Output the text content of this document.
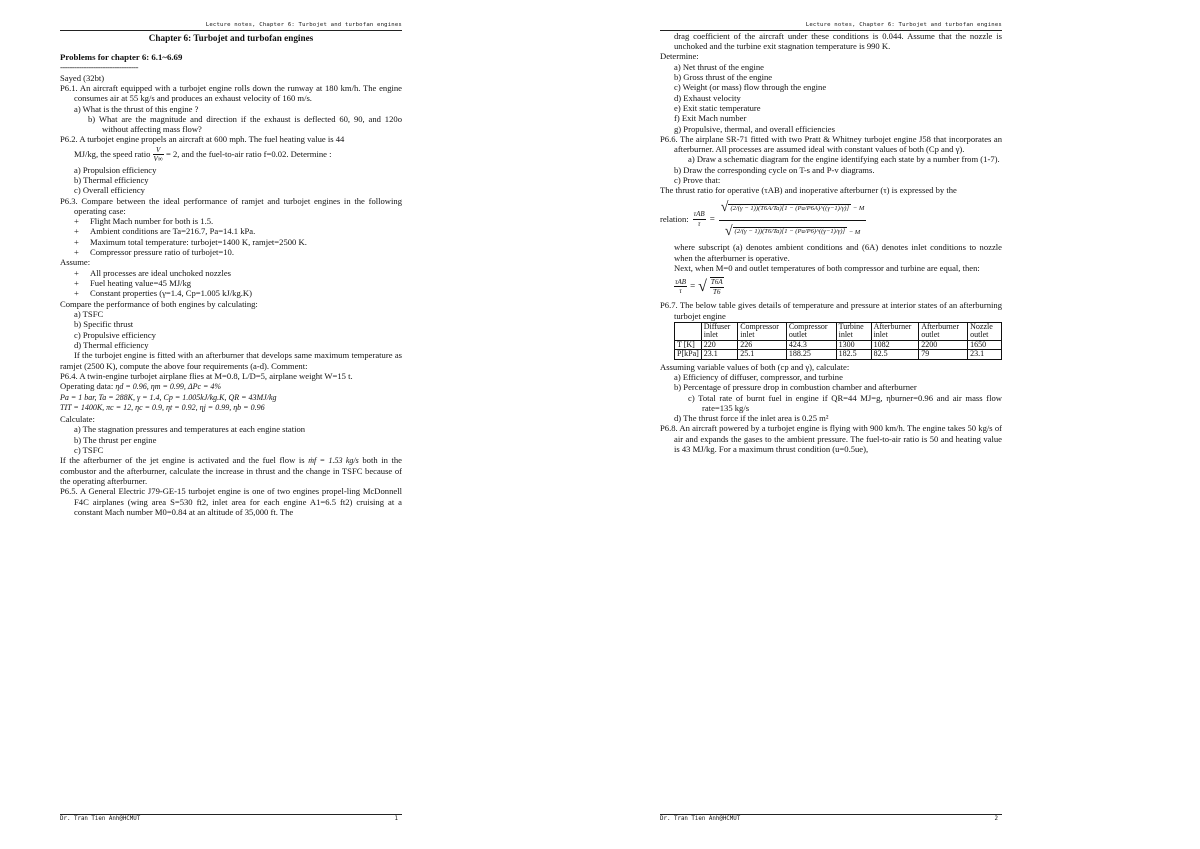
Lecture notes, Chapter 6: Turbojet and turbofan engines
Chapter 6: Turbojet and turbofan engines

Problems for chapter 6: 6.1~6.69

---------------------------------

Sayed (32bt)

P6.1. An aircraft equipped with a turbojet engine rolls down the runway at 180 km/h. The engine consumes air at 55 kg/s and produces an exhaust velocity of 160 m/s.

a) What is the thrust of this engine ?

b) What are the magnitude and direction if the exhaust is deflected 60, 90, and 120o without affecting mass flow?

P6.2. A turbojet engine propels an aircraft at 600 mph. The fuel heating value is 44

MJ/kg, the speed ratio $\frac{V}{V\infty} = 2$, and the fuel-to-air ratio f=0.02. Determine :

a) Propulsion efficiency

b) Thermal efficiency

c) Overall efficiency

P6.3. Compare between the ideal performance of ramjet and turbojet engines in the following operating case:

+ Flight Mach number for both is 1.5.
+ Ambient conditions are Ta=216.7, Pa=14.1 kPa.
+ Maximum total temperature: turbojet=1400 K, ramjet=2500 K.
+ Compressor pressure ratio of turbojet=10.

Assume:

+ All processes are ideal unchoked nozzles
+ Fuel heating value=45 MJ/kg
+ Constant properties (γ=1.4, Cp=1.005 kJ/kg.K)

Compare the performance of both engines by calculating:

a) TSFC

b) Specific thrust

c) Propulsive efficiency

d) Thermal efficiency

If the turbojet engine is fitted with an afterburner that develops same maximum temperature as ramjet (2500 K), compute the above four requirements (a-d). Comment:

P6.4. A twin-engine turbojet airplane flies at M=0.8, L/D=5, airplane weight W=15 t.

Operating data: ηd = 0.96, ηm = 0.99, ΔPc = 4%

Pa = 1 bar, Ta = 288K, γ = 1.4, Cp = 1.005kJ/kg.K, QR = 43MJ/kg

TIT = 1400K, πc = 12, ηc = 0.9, ηt = 0.92, ηj = 0.99, ηb = 0.96

Calculate:

a) The stagnation pressures and temperatures at each engine station

b) The thrust per engine

c) TSFC

If the afterburner of the jet engine is activated and the fuel flow is ṁf = 1.53 kg/s both in the combustor and the afterburner, calculate the increase in thrust and the change in TSFC because of the operating afterburner.

P6.5. A General Electric J79-GE-15 turbojet engine is one of two engines propel-ling McDonnell F4C airplanes (wing area S=530 ft2, inlet area for each engine A1=6.5 ft2) cruising at a constant Mach number M0=0.84 at an altitude of 35,000 ft. The

Dr. Tran Tien Anh@HCMUT	1
Lecture notes, Chapter 6: Turbojet and turbofan engines

drag coefficient of the aircraft under these conditions is 0.044. Assume that the nozzle is unchoked and the turbine exit stagnation temperature is 990 K.

Determine:

a) Net thrust of the engine

b) Gross thrust of the engine

c) Weight (or mass) flow through the engine

d) Exhaust velocity

e) Exit static temperature

f) Exit Mach number

g) Propulsive, thermal, and overall efficiencies

P6.6. The airplane SR-71 fitted with two Pratt & Whitney turbojet engine J58 that incorporates an afterburner. All processes are assumed ideal with constant values of both (Cp and γ).

a) Draw a schematic diagram for the engine identifying each state by a number from (1-7).

b) Draw the corresponding cycle on T-s and P-v diagrams.

c) Prove that:

The thrust ratio for operative (τAB) and inoperative afterburner (τ) is expressed by the

relation: $\frac{\text{τAB}}{\tau} = \frac{√ (2/(\gamma - 1))(T6A/Ta)[1 - (Pa/P6A)\^{}((\gamma-1)/\gamma)] - M}{√ (2/(\gamma - 1))(T6/Ta)[1 - (Pa/P6)\^{}((\gamma-1)/\gamma)] - M}$

where subscript (a) denotes ambient conditions and (6A) denotes inlet conditions to nozzle when the afterburner is operative.

Next, when M=0 and outlet temperatures of both compressor and turbine are equal, then:

$\frac{\text{τAB}}{\tau}$ = √ $\frac{T6A}{T6}$

P6.7. The below table gives details of temperature and pressure at interior states of an afterburning turbojet engine

	Diffuser inlet	Compressor inlet	Compressor outlet	Turbine inlet	Afterburner inlet	Afterburner outlet	Nozzle outlet
T [K]	220	226	424.3	1300	1082	2200	1650
P[kPa]	23.1	25.1	188.25	182.5	82.5	79	23.1

Assuming variable values of both (cp and γ), calculate:

a) Efficiency of diffuser, compressor, and turbine

b) Percentage of pressure drop in combustion chamber and afterburner

c) Total rate of burnt fuel in engine if QR=44 MJ=g, ηburner=0.96 and air mass flow rate=135 kg/s

d) The thrust force if the inlet area is 0.25 m²

P6.8. An aircraft powered by a turbojet engine is flying with 900 km/h. The engine takes 50 kg/s of air and expands the gases to the ambient pressure. The fuel-to-air ratio is 50 and heating value is 43 MJ/kg. For a maximum thrust condition (u=0.5ue),

Dr. Tran Tien Anh@HCMUT	2
